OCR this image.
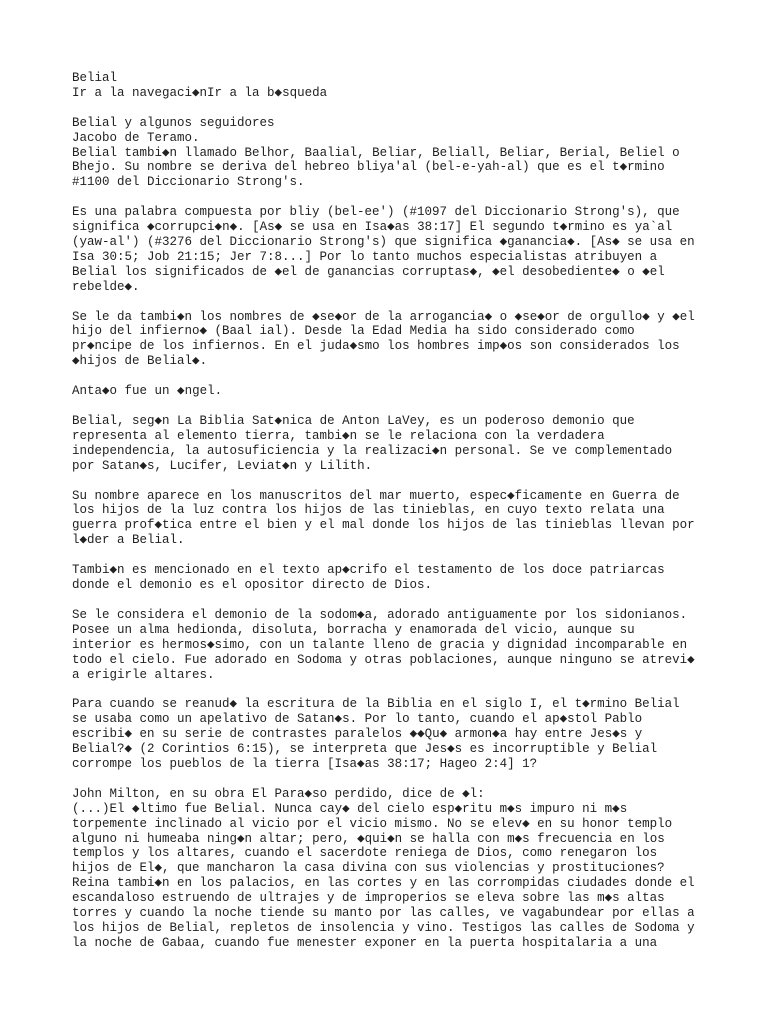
Belial
Ir a la navegaci◆nIr a la b◆squeda
Belial y algunos seguidores
Jacobo de Teramo.
Belial tambi◆n llamado Belhor, Baalial, Beliar, Beliall, Beliar, Berial, Beliel o
Bhejo. Su nombre se deriva del hebreo bliya'al (bel-e-yah-al) que es el t◆rmino
#1100 del Diccionario Strong's.
Es una palabra compuesta por bliy (bel-ee') (#1097 del Diccionario Strong's), que
significa ◆corrupci◆n◆. [As◆ se usa en Isa◆as 38:17] El segundo t◆rmino es ya`al
(yaw-al') (#3276 del Diccionario Strong's) que significa ◆ganancia◆. [As◆ se usa en
Isa 30:5; Job 21:15; Jer 7:8...] Por lo tanto muchos especialistas atribuyen a
Belial los significados de ◆el de ganancias corruptas◆, ◆el desobediente◆ o ◆el
rebelde◆.
Se le da tambi◆n los nombres de ◆se◆or de la arrogancia◆ o ◆se◆or de orgullo◆ y ◆el
hijo del infierno◆ (Baal ial). Desde la Edad Media ha sido considerado como
pr◆ncipe de los infiernos. En el juda◆smo los hombres imp◆os son considerados los
◆hijos de Belial◆.
Anta◆o fue un ◆ngel.
Belial, seg◆n La Biblia Sat◆nica de Anton LaVey, es un poderoso demonio que
representa al elemento tierra, tambi◆n se le relaciona con la verdadera
independencia, la autosuficiencia y la realizaci◆n personal. Se ve complementado
por Satan◆s, Lucifer, Leviat◆n y Lilith.
Su nombre aparece en los manuscritos del mar muerto, espec◆ficamente en Guerra de
los hijos de la luz contra los hijos de las tinieblas, en cuyo texto relata una
guerra prof◆tica entre el bien y el mal donde los hijos de las tinieblas llevan por
l◆der a Belial.
Tambi◆n es mencionado en el texto ap◆crifo el testamento de los doce patriarcas
donde el demonio es el opositor directo de Dios.
Se le considera el demonio de la sodom◆a, adorado antiguamente por los sidonianos.
Posee un alma hedionda, disoluta, borracha y enamorada del vicio, aunque su
interior es hermos◆simo, con un talante lleno de gracia y dignidad incomparable en
todo el cielo. Fue adorado en Sodoma y otras poblaciones, aunque ninguno se atrevi◆
a erigirle altares.
Para cuando se reanud◆ la escritura de la Biblia en el siglo I, el t◆rmino Belial
se usaba como un apelativo de Satan◆s. Por lo tanto, cuando el ap◆stol Pablo
escribi◆ en su serie de contrastes paralelos ◆◆Qu◆ armon◆a hay entre Jes◆s y
Belial?◆ (2 Corintios 6:15), se interpreta que Jes◆s es incorruptible y Belial
corrompe los pueblos de la tierra [Isa◆as 38:17; Hageo 2:4] 1?
John Milton, en su obra El Para◆so perdido, dice de ◆l:
(...)El ◆ltimo fue Belial. Nunca cay◆ del cielo esp◆ritu m◆s impuro ni m◆s
torpemente inclinado al vicio por el vicio mismo. No se elev◆ en su honor templo
alguno ni humeaba ning◆n altar; pero, ◆qui◆n se halla con m◆s frecuencia en los
templos y los altares, cuando el sacerdote reniega de Dios, como renegaron los
hijos de El◆, que mancharon la casa divina con sus violencias y prostituciones?
Reina tambi◆n en los palacios, en las cortes y en las corrompidas ciudades donde el
escandaloso estruendo de ultrajes y de improperios se eleva sobre las m◆s altas
torres y cuando la noche tiende su manto por las calles, ve vagabundear por ellas a
los hijos de Belial, repletos de insolencia y vino. Testigos las calles de Sodoma y
la noche de Gabaa, cuando fue menester exponer en la puerta hospitalaria a una
